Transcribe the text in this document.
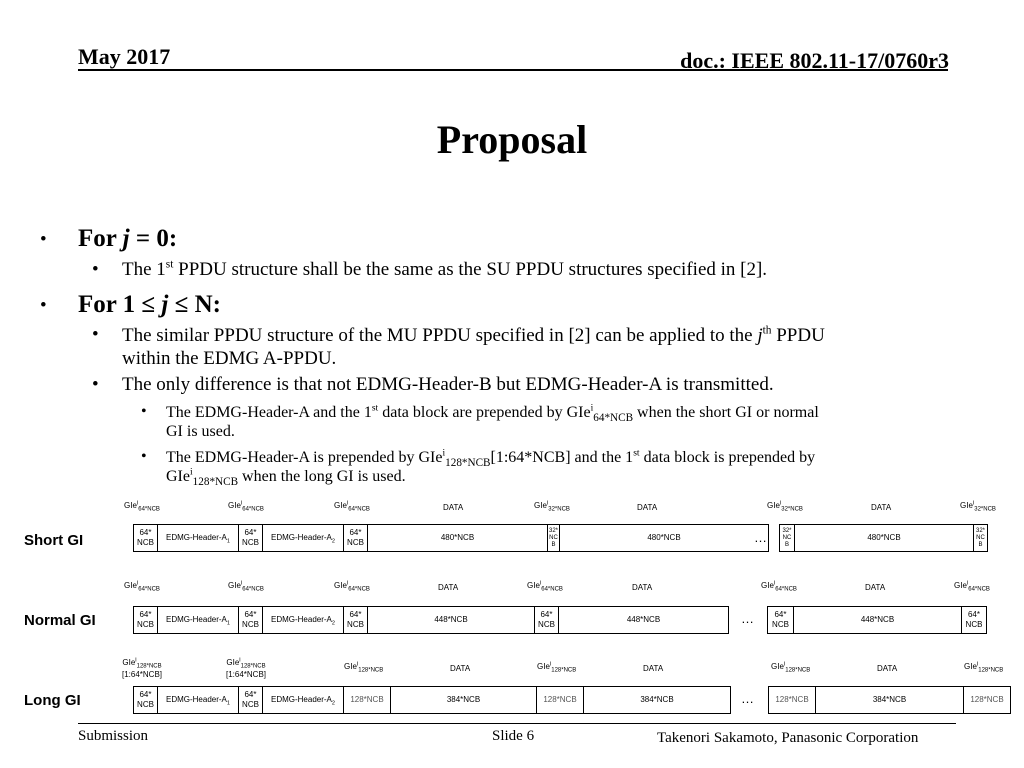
May 2017	doc.: IEEE 802.11-17/0760r3
Proposal
• For j = 0:
• The 1st PPDU structure shall be the same as the SU PPDU structures specified in [2].
• For 1 ≤ j ≤ N:
• The similar PPDU structure of the MU PPDU specified in [2] can be applied to the $j^{th}$ PPDU
within the EDMG A-PPDU.
• The only difference is that not EDMG-Header-B but EDMG-Header-A is transmitted.
• The EDMG-Header-A and the 1st data block are prepended by GIe$^i_{64*NCB}$ when the short GI or normal
GI is used.
• The EDMG-Header-A is prepended by GIe$^i_{128*NCB}$[1:64*NCB] and the 1st data block is prepended by
GIe$^i_{128*NCB}$ when the long GI is used.
GIe$^i_{64*NCB}$	GIe$^i_{64*NCB}$	GIe$^i_{64*NCB}$	DATA	GIe$^i_{32*NCB}$	DATA	GIe$^i_{32*NCB}$	DATA	GIe$^i_{32*NCB}$
Short GI	64*
NCB
EDMG-$Header-A_1$
64*
NCB
EDMG-$Header-A_2$
64*
NCB
480*NCB
32*
NC
B
480*NCB	…	32*
NC
B
480*NCB
32*
NC
B
GIe$^i_{64*NCB}$	GIe$^i_{64*NCB}$	GIe$^i_{64*NCB}$	DATA	GIe$^i_{64*NCB}$	DATA	GIe$^i_{64*NCB}$	DATA	GIe$^i_{64*NCB}$
Normal GI	64*
NCB
EDMG-$Header-A_1$
64*
NCB
EDMG-$Header-A_2$
64*
NCB
448*NCB
64*
NCB
448*NCB	…	64*
NCB
448*NCB
64*
NCB
GIe$^i_{128*NCB}$
[1:64*NCB]
GIe$^i_{128*NCB}$
[1:64*NCB]
GIe$^i_{128*NCB}$	DATA	GIe$^i_{128*NCB}$	DATA	GIe$^i_{128*NCB}$	DATA	GIe$^i_{128*NCB}$
Long GI	64*
NCB
EDMG-$Header-A_1$
64*
NCB
EDMG-$Header-A_2$	128*NCB	384*NCB	128*NCB	384*NCB	…	128*NCB	384*NCB	128*NCB
Submission	Slide 6	Takenori Sakamoto, Panasonic Corporation
